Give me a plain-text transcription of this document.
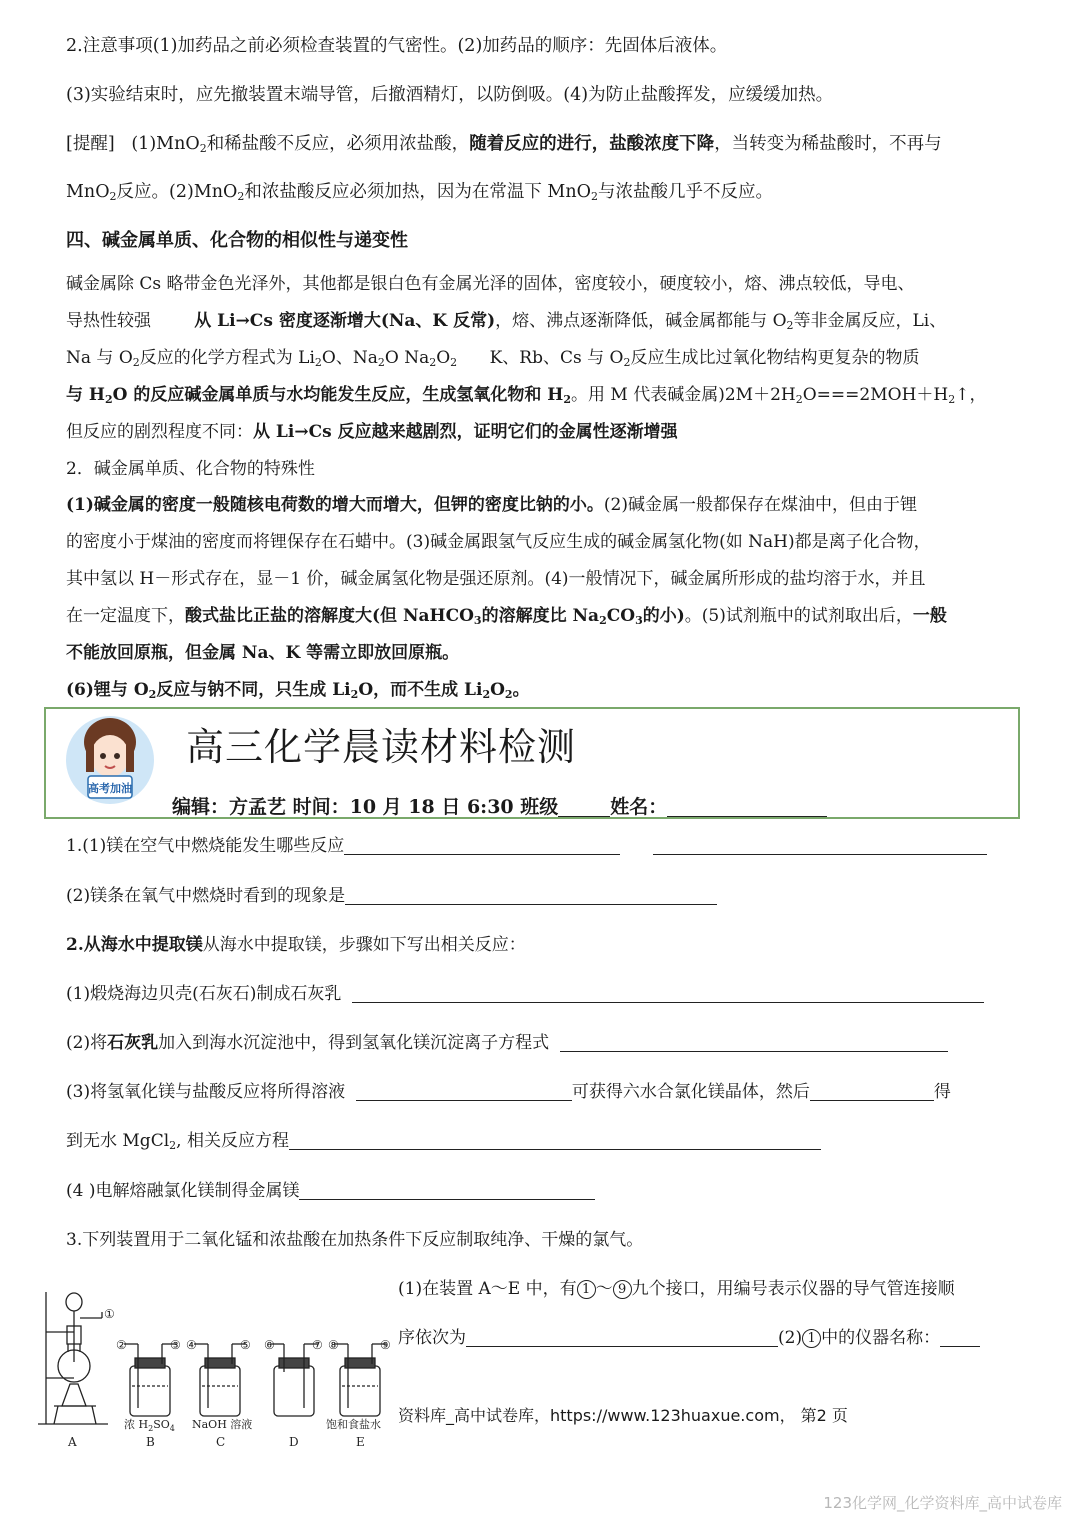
2.注意事项(1)加药品之前必须检查装置的气密性。(2)加药品的顺序：先固体后液体。
(3)实验结束时，应先撤装置末端导管，后撤酒精灯，以防倒吸。(4)为防止盐酸挥发，应缓缓加热。
[提醒] (1)MnO$_2$和稀盐酸不反应，必须用浓盐酸，随着反应的进行，盐酸浓度下降，当转变为稀盐酸时，不再与
MnO$_2$反应。(2)MnO$_2$和浓盐酸反应必须加热，因为在常温下 MnO$_2$与浓盐酸几乎不反应。
四、碱金属单质、化合物的相似性与递变性
碱金属除 Cs 略带金色光泽外，其他都是银白色有金属光泽的固体，密度较小，硬度较小，熔、沸点较低，导电、
导热性较强	从 Li→Cs 密度逐渐增大(Na、K 反常)，熔、沸点逐渐降低，碱金属都能与 $O_2$等非金属反应，Li、
Na 与 $O_2$反应的化学方程式为 $Li_2O$、$Na_2O$ $Na_2O_2$ K、Rb、Cs 与 $O_2$反应生成比过氧化物结构更复杂的物质
与 $H_2O$ 的反应碱金属单质与水均能发生反应，生成氢氧化物和 $H_2$。用 M 代表碱金属)$2M+2H_2O===2MOH+H_2↑$，
但反应的剧烈程度不同：从 Li→Cs 反应越来越剧烈，证明它们的金属性逐渐增强
2．碱金属单质、化合物的特殊性
(1)碱金属的密度一般随核电荷数的增大而增大，但钾的密度比钠的小。(2)碱金属一般都保存在煤油中，但由于锂
的密度小于煤油的密度而将锂保存在石蜡中。(3)碱金属跟氢气反应生成的碱金属氢化物(如 NaH)都是离子化合物，
其中氢以 H－形式存在，显－1 价，碱金属氢化物是强还原剂。(4)一般情况下，碱金属所形成的盐均溶于水，并且
在一定温度下，酸式盐比正盐的溶解度大(但 NaHCO$_3$的溶解度比 $Na_2CO_3$的小)。(5)试剂瓶中的试剂取出后，一般
不能放回原瓶，但金属 Na、K 等需立即放回原瓶。
(6)锂与 $O_2$反应与钠不同，只生成 $Li_2O$，而不生成 $Li_2O_2$。
高考加油
高三化学晨读材料检测
编辑：方孟艺 时间：10 月 18 日 6:30 班级	姓名：
1.(1)镁在空气中燃烧能发生哪些反应
(2)镁条在氧气中燃烧时看到的现象是
2.从海水中提取镁从海水中提取镁，步骤如下写出相关反应：
(1)煅烧海边贝壳(石灰石)制成石灰乳
(2)将石灰乳加入到海水沉淀池中，得到氢氧化镁沉淀离子方程式
(3)将氢氧化镁与盐酸反应将所得溶液	可获得六水合氯化镁晶体，然后	得
到无水 MgCl$_2$, 相关反应方程
(4 )电解熔融氯化镁制得金属镁
3.下列装置用于二氧化锰和浓盐酸在加热条件下反应制取纯净、干燥的氯气。
(1)在装置 A～E 中，有 1 ～ 9 九个接口，用编号表示仪器的导气管连接顺
序依次为	(2) 1 中的仪器名称：
①
②	③ ④	⑤ ⑥	⑦ ⑧	⑨
浓 $H_2SO_4$ NaOH 溶液	饱和食盐水
A	B	C	D	E
资料库_高中试卷库，https://www.123huaxue.com， 第2 页
123化学网_化学资料库_高中试卷库
